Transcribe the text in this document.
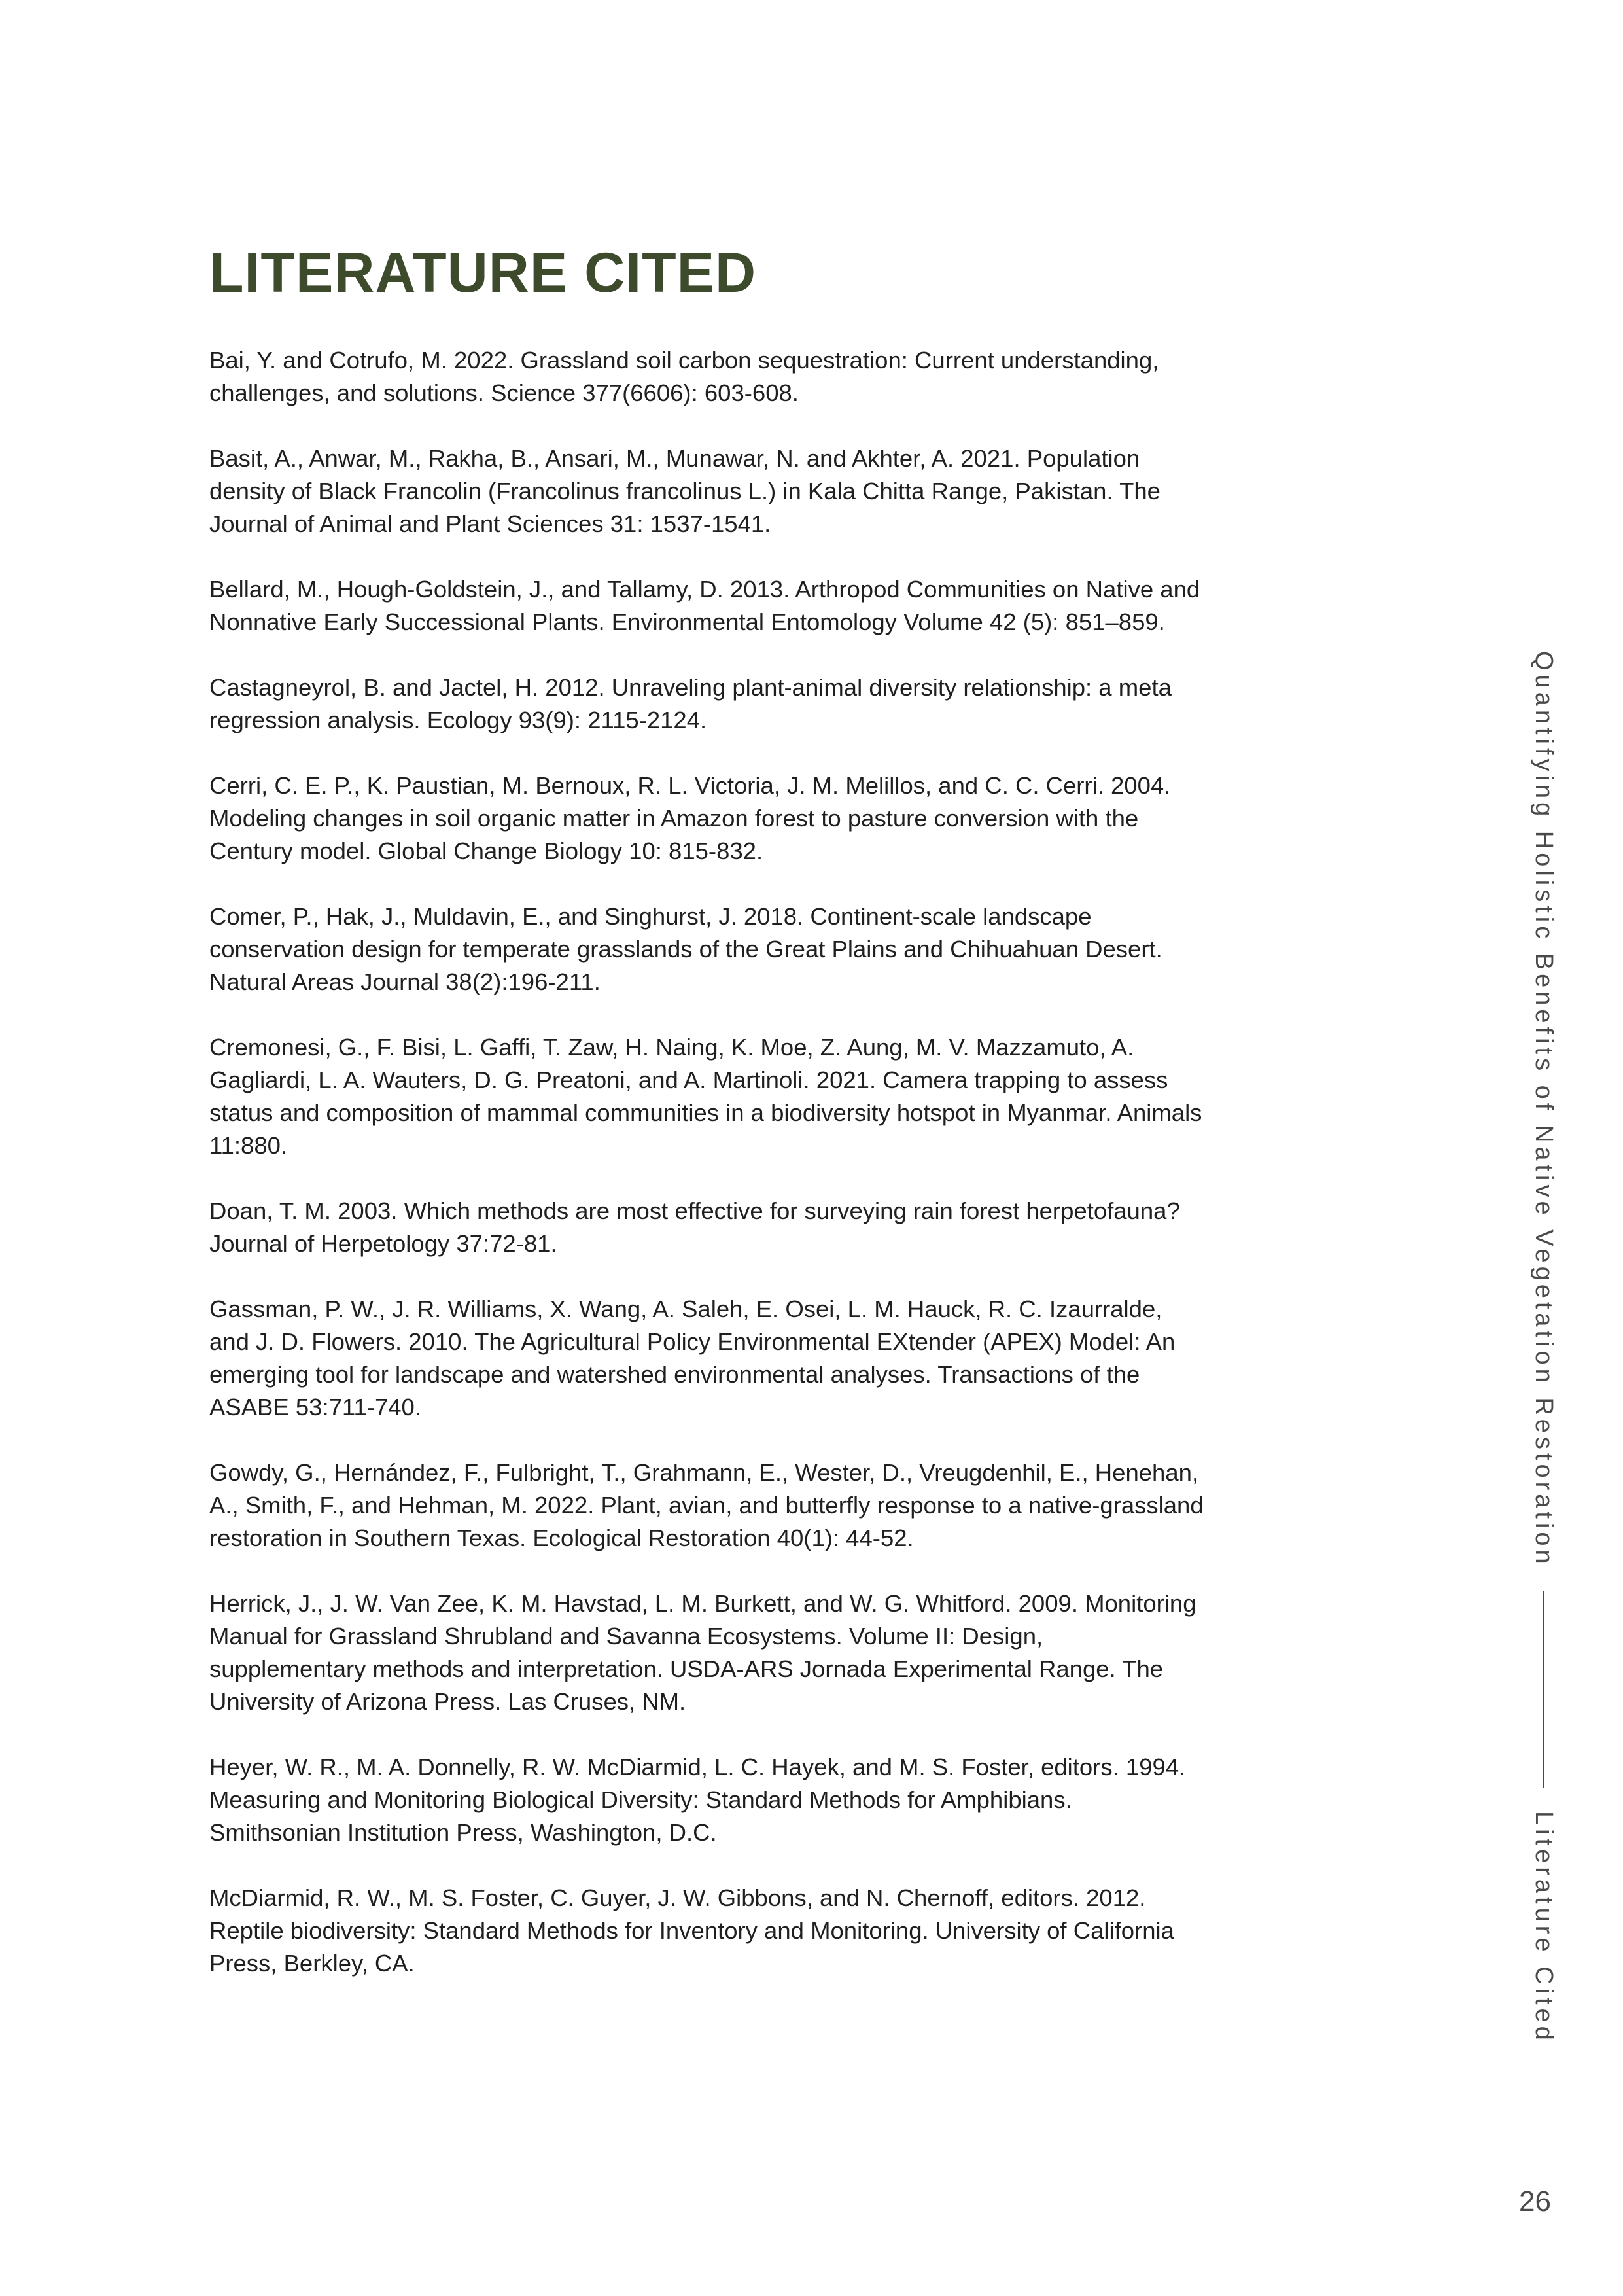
LITERATURE CITED
Bai, Y. and Cotrufo, M. 2022. Grassland soil carbon sequestration: Current understanding, challenges, and solutions. Science 377(6606): 603-608.
Basit, A., Anwar, M., Rakha, B., Ansari, M., Munawar, N. and Akhter, A. 2021. Population density of Black Francolin (Francolinus francolinus L.) in Kala Chitta Range, Pakistan. The Journal of Animal and Plant Sciences 31: 1537-1541.
Bellard, M., Hough-Goldstein, J., and Tallamy, D. 2013. Arthropod Communities on Native and Nonnative Early Successional Plants. Environmental Entomology Volume 42 (5): 851–859.
Castagneyrol, B. and Jactel, H. 2012. Unraveling plant-animal diversity relationship: a meta regression analysis. Ecology 93(9): 2115-2124.
Cerri, C. E. P., K. Paustian, M. Bernoux, R. L. Victoria, J. M. Melillos, and C. C. Cerri. 2004. Modeling changes in soil organic matter in Amazon forest to pasture conversion with the Century model. Global Change Biology 10: 815-832.
Comer, P., Hak, J., Muldavin, E., and Singhurst, J. 2018. Continent-scale landscape conservation design for temperate grasslands of the Great Plains and Chihuahuan Desert. Natural Areas Journal 38(2):196-211.
Cremonesi, G., F. Bisi, L. Gaffi, T. Zaw, H. Naing, K. Moe, Z. Aung, M. V. Mazzamuto, A. Gagliardi, L. A. Wauters, D. G. Preatoni, and A. Martinoli. 2021. Camera trapping to assess status and composition of mammal communities in a biodiversity hotspot in Myanmar. Animals 11:880.
Doan, T. M. 2003. Which methods are most effective for surveying rain forest herpetofauna? Journal of Herpetology 37:72-81.
Gassman, P. W., J. R. Williams, X. Wang, A. Saleh, E. Osei, L. M. Hauck, R. C. Izaurralde, and J. D. Flowers. 2010. The Agricultural Policy Environmental EXtender (APEX) Model: An emerging tool for landscape and watershed environmental analyses. Transactions of the ASABE 53:711-740.
Gowdy, G., Hernández, F., Fulbright, T., Grahmann, E., Wester, D., Vreugdenhil, E., Henehan, A., Smith, F., and Hehman, M. 2022. Plant, avian, and butterfly response to a native-grassland restoration in Southern Texas. Ecological Restoration 40(1): 44-52.
Herrick, J., J. W. Van Zee, K. M. Havstad, L. M. Burkett, and W. G. Whitford. 2009. Monitoring Manual for Grassland Shrubland and Savanna Ecosystems. Volume II: Design, supplementary methods and interpretation. USDA-ARS Jornada Experimental Range. The University of Arizona Press. Las Cruses, NM.
Heyer, W. R., M. A. Donnelly, R. W. McDiarmid, L. C. Hayek, and M. S. Foster, editors. 1994. Measuring and Monitoring Biological Diversity: Standard Methods for Amphibians. Smithsonian Institution Press, Washington, D.C.
McDiarmid, R. W., M. S. Foster, C. Guyer, J. W. Gibbons, and N. Chernoff, editors. 2012. Reptile biodiversity: Standard Methods for Inventory and Monitoring. University of California Press, Berkley, CA.
Quantifying Holistic Benefits of Native Vegetation Restoration
Literature Cited
26
